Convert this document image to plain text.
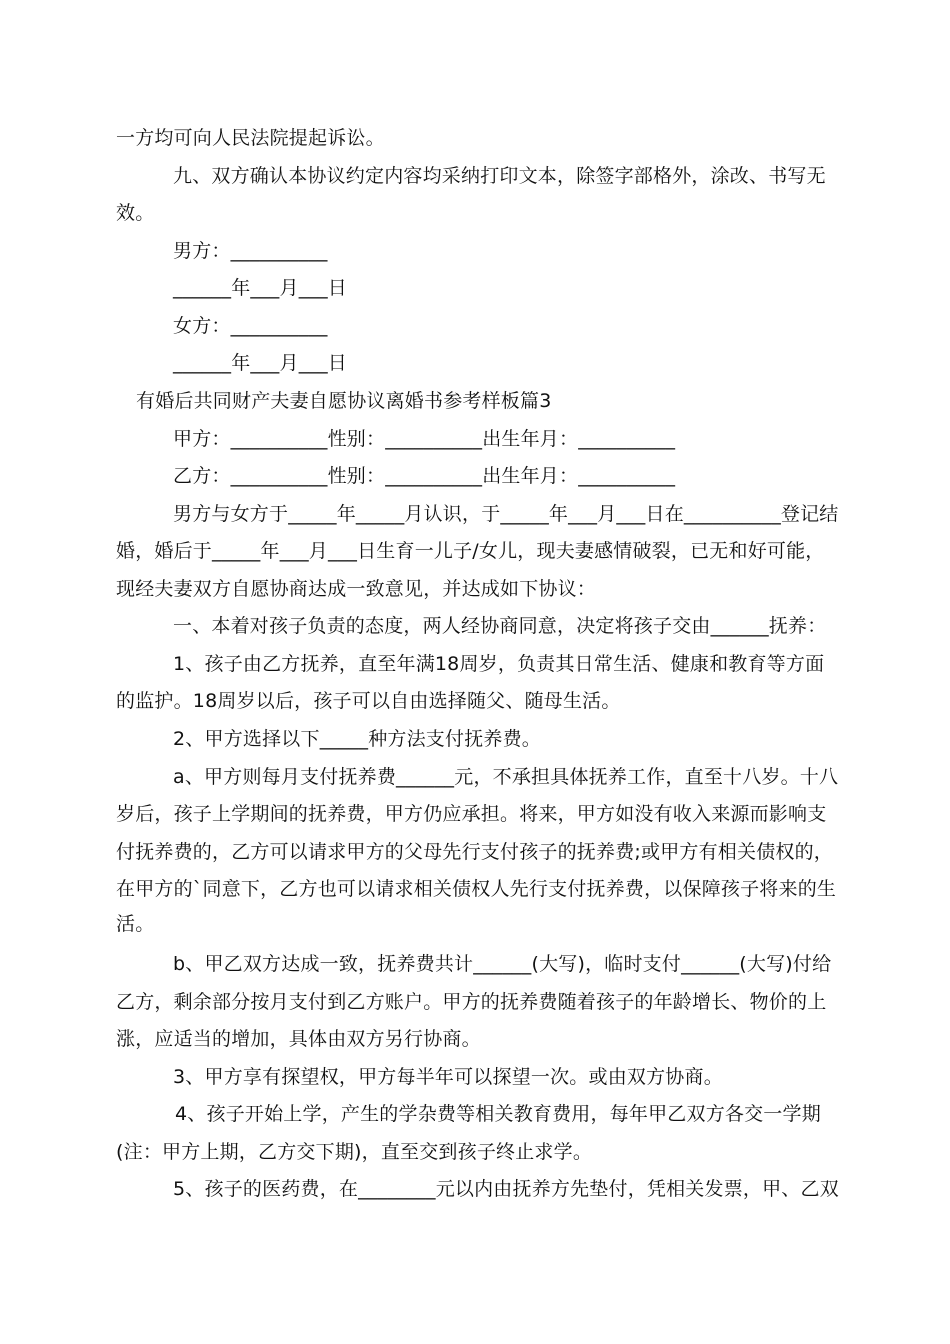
一方均可向人民法院提起诉讼。
九、双方确认本协议约定内容均采纳打印文本，除签字部格外，涂改、书写无
效。
男方：__________
______年___月___日
女方：__________
______年___月___日
有婚后共同财产夫妻自愿协议离婚书参考样板篇3
甲方：__________性别：__________出生年月：__________
乙方：__________性别：__________出生年月：__________
男方与女方于_____年_____月认识，于_____年___月___日在__________登记结
婚，婚后于_____年___月___日生育一儿子/女儿，现夫妻感情破裂，已无和好可能，
现经夫妻双方自愿协商达成一致意见，并达成如下协议：
一、本着对孩子负责的态度，两人经协商同意，决定将孩子交由______抚养：
1、孩子由乙方抚养，直至年满18周岁，负责其日常生活、健康和教育等方面
的监护。18周岁以后，孩子可以自由选择随父、随母生活。
2、甲方选择以下_____种方法支付抚养费。
a、甲方则每月支付抚养费______元，不承担具体抚养工作，直至十八岁。十八
岁后，孩子上学期间的抚养费，甲方仍应承担。将来，甲方如没有收入来源而影响支
付抚养费的，乙方可以请求甲方的父母先行支付孩子的抚养费;或甲方有相关债权的，
在甲方的`同意下，乙方也可以请求相关债权人先行支付抚养费，以保障孩子将来的生
活。
b、甲乙双方达成一致，抚养费共计______(大写)，临时支付______(大写)付给
乙方，剩余部分按月支付到乙方账户。甲方的抚养费随着孩子的年龄增长、物价的上
涨，应适当的增加，具体由双方另行协商。
3、甲方享有探望权，甲方每半年可以探望一次。或由双方协商。
4、孩子开始上学，产生的学杂费等相关教育费用，每年甲乙双方各交一学期
(注：甲方上期，乙方交下期)，直至交到孩子终止求学。
5、孩子的医药费，在________元以内由抚养方先垫付，凭相关发票，甲、乙双
